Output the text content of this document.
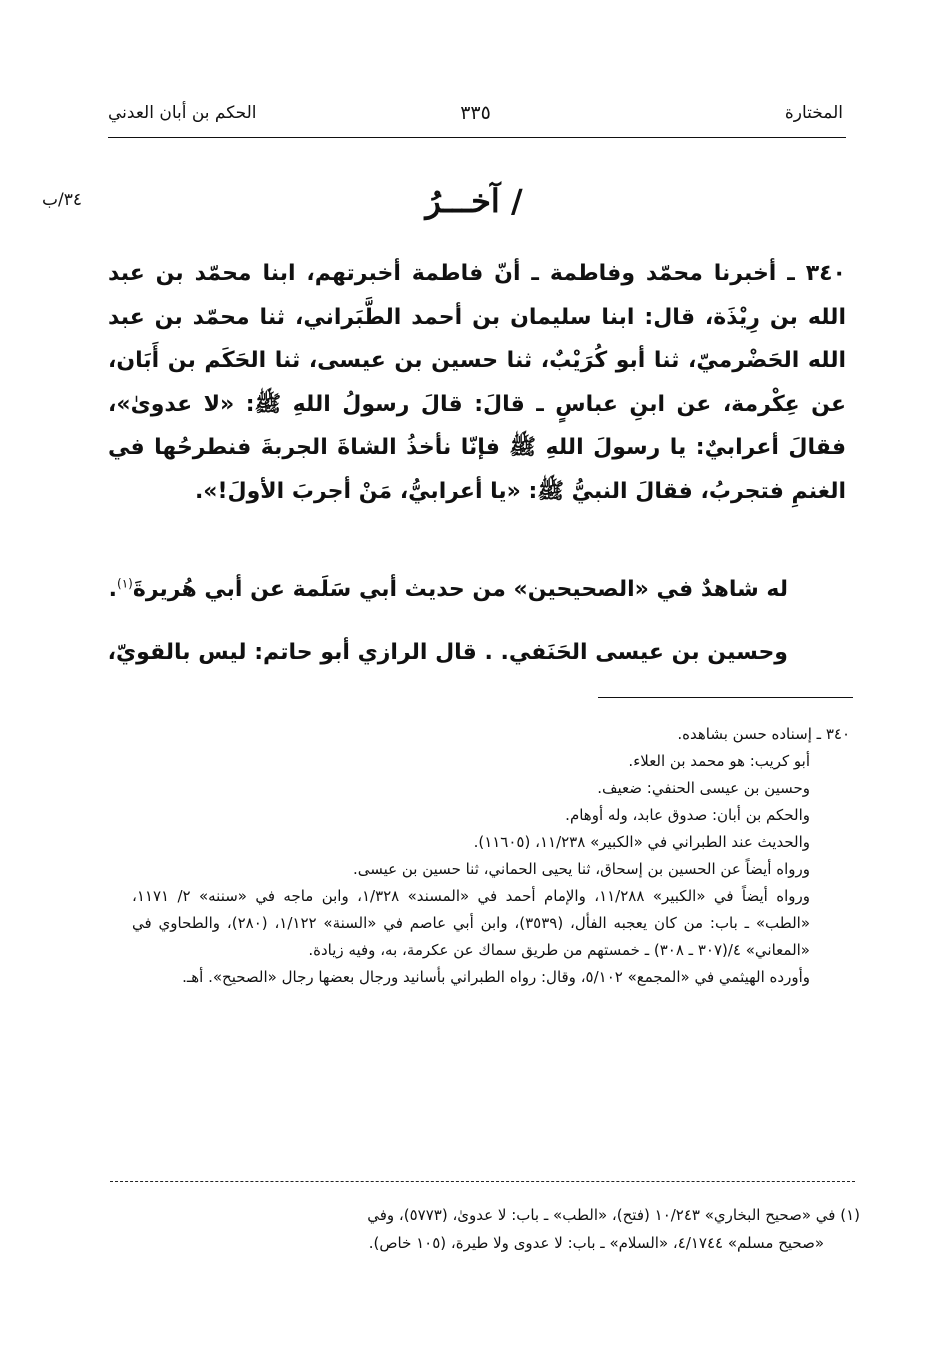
المختارة
٣٣٥
الحكم بن أبان العدني
٣٤/ب	/ آخـــرُ
٣٤٠ ـ أخبرنا محمّد وفاطمة ـ أنّ فاطمة أخبرتهم، ابنا محمّد بن عبد الله بن رِيْذَة، قال: ابنا سليمان بن أحمد الطَّبَراني، ثنا محمّد بن عبد الله الحَضْرميّ، ثنا أبو كُرَيْبٌ، ثنا حسين بن عيسى، ثنا الحَكَم بن أَبَان، عن عِكْرمة، عن ابنِ عباسٍ ـ قالَ: قالَ رسولُ اللهِ ﷺ: «لا عدوىٰ»، فقالَ أعرابيٌ: يا رسولَ اللهِ ﷺ فإنّا نأخذُ الشاةَ الجربةَ فنطرحُها في الغنمِ فتجربُ، فقالَ النبيُّ ﷺ: «يا أعرابيُّ، مَنْ أجربَ الأولَ!».
له شاهدٌ في «الصحيحين» من حديث أبي سَلَمة عن أبي هُريرةَ$^{(١)}$.
وحسين بن عيسى الحَنَفي. . قال الرازي أبو حاتم: ليس بالقويّ،

٣٤٠ ـ إسناده حسن بشاهده.

أبو كريب: هو محمد بن العلاء.

وحسين بن عيسى الحنفي: ضعيف.

والحكم بن أبان: صدوق عابد، وله أوهام.

والحديث عند الطبراني في «الكبير» ١١/٢٣٨، (١١٦٠٥).

ورواه أيضاً عن الحسين بن إسحاق، ثنا يحيى الحماني، ثنا حسين بن عيسى.

ورواه أيضاً في «الكبير» ١١/٢٨٨، والإمام أحمد في «المسند» ١/٣٢٨، وابن ماجه في «سننه» ٢/ ١١٧١، «الطب» ـ باب: من كان يعجبه الفأل، (٣٥٣٩)، وابن أبي عاصم في «السنة» ١/١٢٢، (٢٨٠)، والطحاوي في «المعاني» ٤/(٣٠٧ ـ ٣٠٨) ـ خمستهم من طريق سماك عن عكرمة، به، وفيه زيادة.

وأورده الهيثمي في «المجمع» ٥/١٠٢، وقال: رواه الطبراني بأسانيد ورجال بعضها رجال «الصحيح». أهـ.

(١) في «صحيح البخاري» ١٠/٢٤٣ (فتح)، «الطب» ـ باب: لا عدوىٰ، (٥٧٧٣)، وفي

«صحيح مسلم» ٤/١٧٤٤، «السلام» ـ باب: لا عدوى ولا طيرة، (١٠٥ خاص).
